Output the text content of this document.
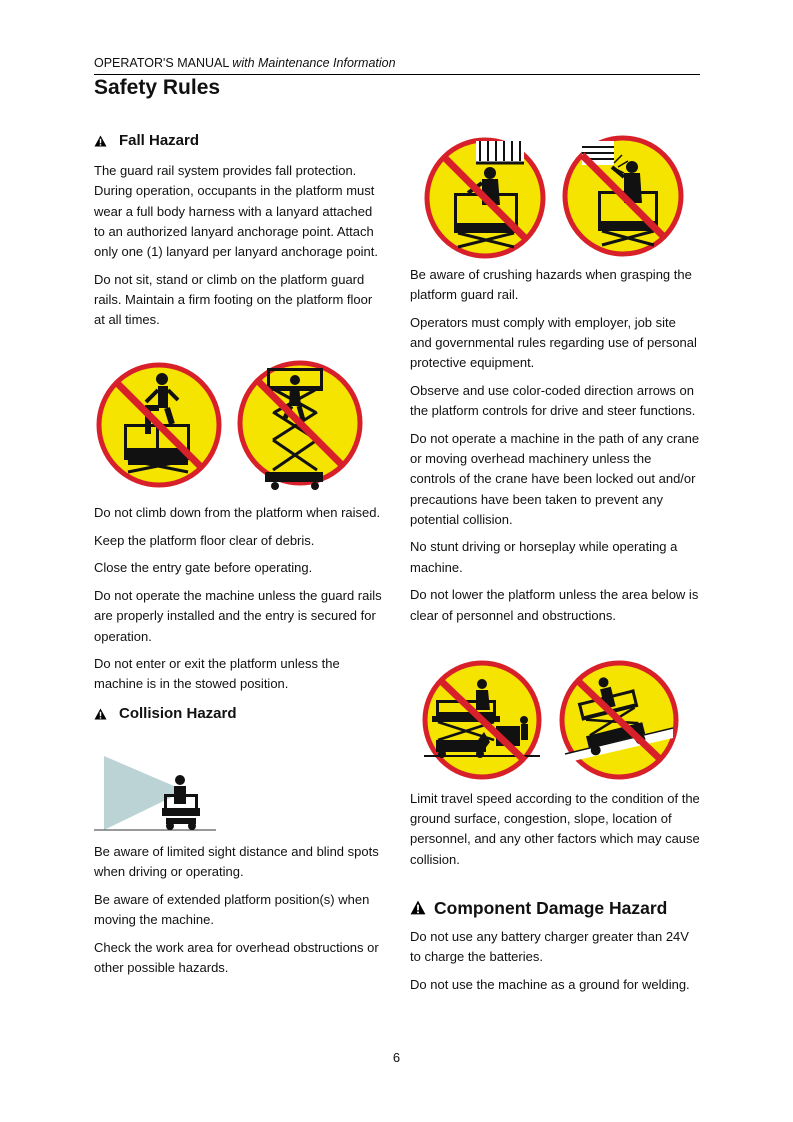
OPERATOR'S MANUAL with Maintenance Information
Safety Rules
Fall Hazard

The guard rail system provides fall protection. During operation, occupants in the platform must wear a full body harness with a lanyard attached to an authorized lanyard anchorage point. Attach only one (1) lanyard per lanyard anchorage point.

Do not sit, stand or climb on the platform guard rails. Maintain a firm footing on the platform floor at all times.

Do not climb down from the platform when raised.

Keep the platform floor clear of debris.

Close the entry gate before operating.

Do not operate the machine unless the guard rails are properly installed and the entry is secured for operation.

Do not enter or exit the platform unless the machine is in the stowed position.

Collision Hazard

Be aware of limited sight distance and blind spots when driving or operating.

Be aware of extended platform position(s) when moving the machine.

Check the work area for overhead obstructions or other possible hazards.

Be aware of crushing hazards when grasping the platform guard rail.

Operators must comply with employer, job site and governmental rules regarding use of personal protective equipment.

Observe and use color-coded direction arrows on the platform controls for drive and steer functions.

Do not operate a machine in the path of any crane or moving overhead machinery unless the controls of the crane have been locked out and/or precautions have been taken to prevent any potential collision.

No stunt driving or horseplay while operating a machine.

Do not lower the platform unless the area below is clear of personnel and obstructions.

Limit travel speed according to the condition of the ground surface, congestion, slope, location of personnel, and any other factors which may cause collision.

Component Damage Hazard

Do not use any battery charger greater than 24V to charge the batteries.

Do not use the machine as a ground for welding.

6
